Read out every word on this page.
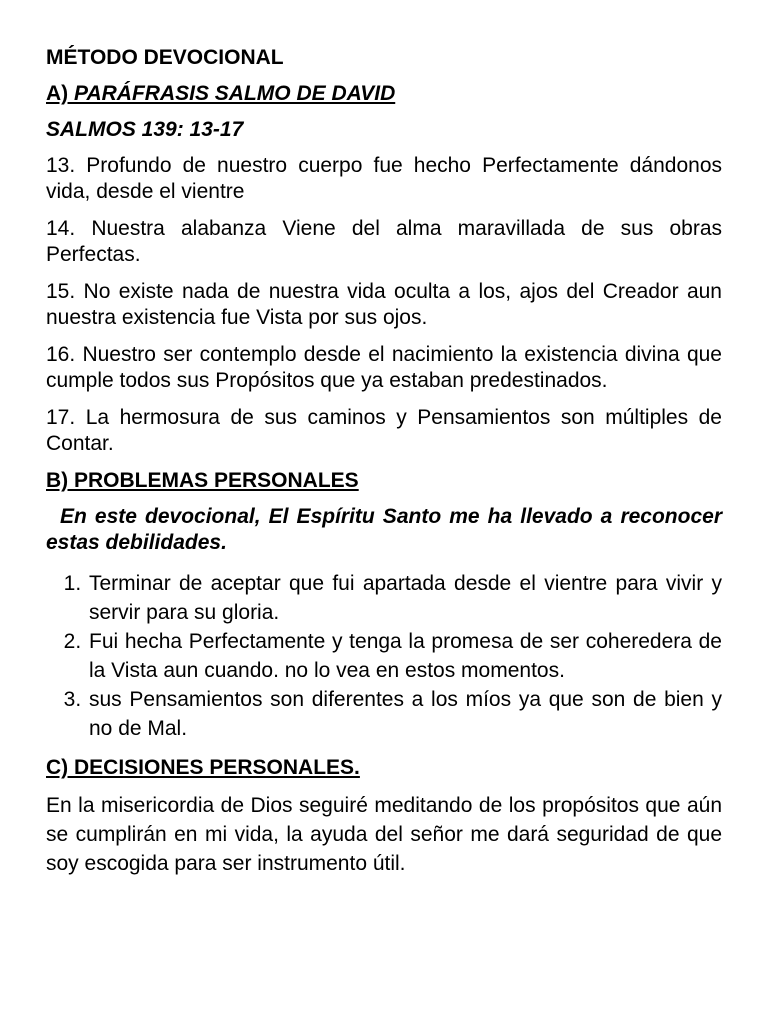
MÉTODO DEVOCIONAL

A) PARÁFRASIS SALMO DE DAVID

SALMOS 139: 13-17

13. Profundo de nuestro cuerpo fue hecho Perfectamente dándonos vida, desde el vientre

14. Nuestra alabanza Viene del alma maravillada de sus obras Perfectas.

15. No existe nada de nuestra vida oculta a los, ajos del Creador aun nuestra existencia fue Vista por sus ojos.

16. Nuestro ser contemplo desde el nacimiento la existencia divina que cumple todos sus Propósitos que ya estaban predestinados.

17. La hermosura de sus caminos y Pensamientos son múltiples de Contar.

B) PROBLEMAS PERSONALES

En este devocional, El Espíritu Santo me ha llevado a reconocer estas debilidades.

1. Terminar de aceptar que fui apartada desde el vientre para vivir y servir para su gloria.
2. Fui hecha Perfectamente y tenga la promesa de ser coheredera de la Vista aun cuando. no lo vea en estos momentos.
3. sus Pensamientos son diferentes a los míos ya que son de bien y no de Mal.

C) DECISIONES PERSONALES.

En la misericordia de Dios seguiré meditando de los propósitos que aún se cumplirán en mi vida, la ayuda del señor me dará seguridad de que soy escogida para ser instrumento útil.
